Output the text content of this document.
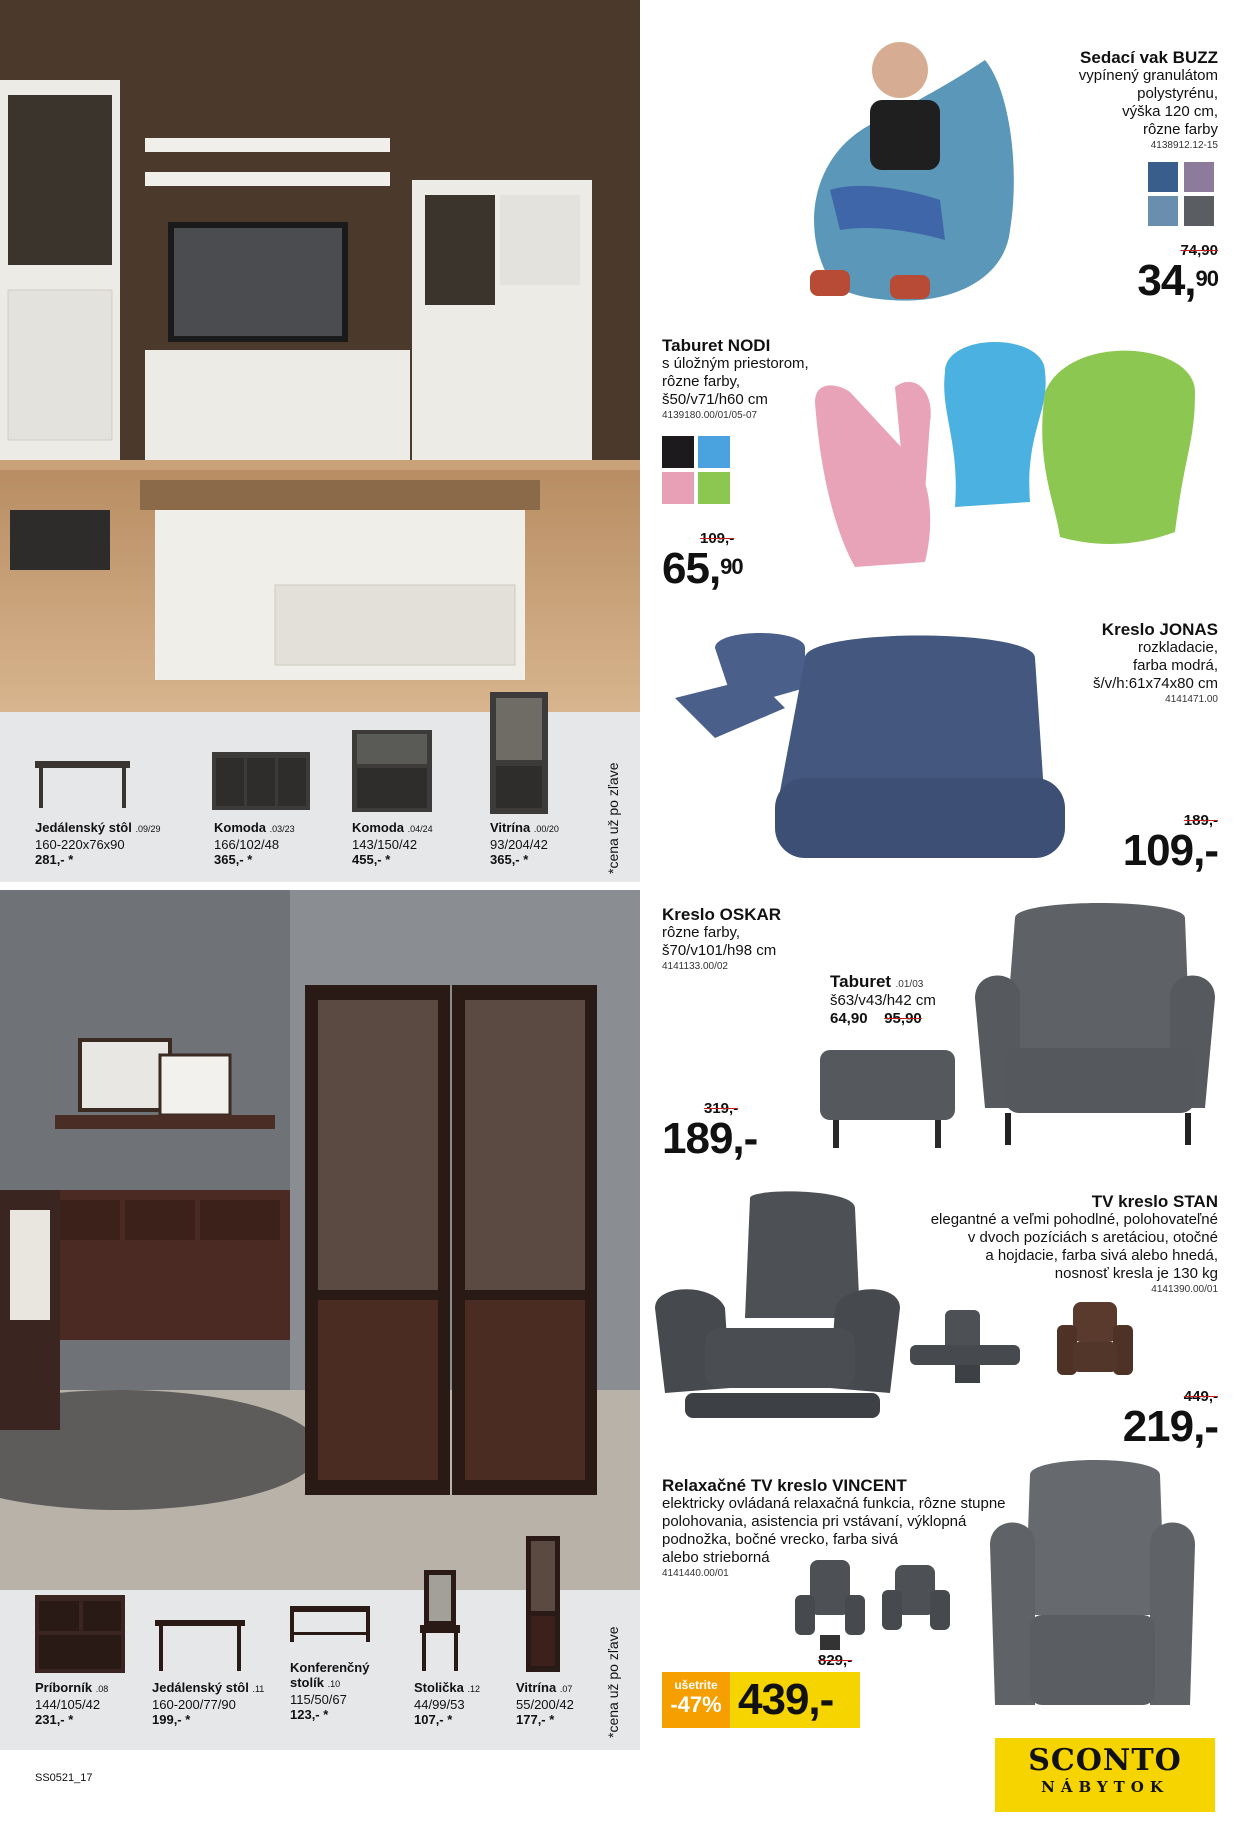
Jedálenský stôl .09/29
160-220x76x90
281,- *
Komoda .03/23
166/102/48
365,- *
Komoda .04/24
143/150/42
455,- *
Vitrína .00/20
93/204/42
365,- *	*cena už po zľave
Príborník .08
144/105/42
231,- *
Jedálenský stôl .11
160-200/77/90
199,- *
Konferenčný stolík .10
115/50/67
123,- *
Stolička .12
44/99/53
107,- *
Vitrína .07
55/200/42
177,- *	*cena už po zľave
Sedací vak BUZZ
vypínený granulátom
polystyrénu,
výška 120 cm,
rôzne farby
4138912.12-15
74,90
34,90
Taburet NODI
s úložným priestorom,
rôzne farby,
š50/v71/h60 cm
4139180.00/01/05-07
109,-
65,90
Kreslo JONAS
rozkladacie,
farba modrá,
š/v/h:61x74x80 cm
4141471.00
189,-
109,-
Kreslo OSKAR
rôzne farby,
š70/v101/h98 cm
4141133.00/02
Taburet .01/03
š63/v43/h42 cm
64,90 95,90
319,-
189,-
TV kreslo STAN
elegantné a veľmi pohodlné, polohovateľné
v dvoch pozíciách s aretáciou, otočné
a hojdacie, farba sivá alebo hnedá,
nosnosť kresla je 130 kg
4141390.00/01
449,-
219,-
Relaxačné TV kreslo VINCENT
elektricky ovládaná relaxačná funkcia, rôzne stupne
polohovania, asistencia pri vstávaní, výklopná
podnožka, bočné vrecko, farba sivá
alebo strieborná
4141440.00/01
ušetrite
-47%
829,-
439,-
SS0521_17	SCONTO
NÁBYTOK
